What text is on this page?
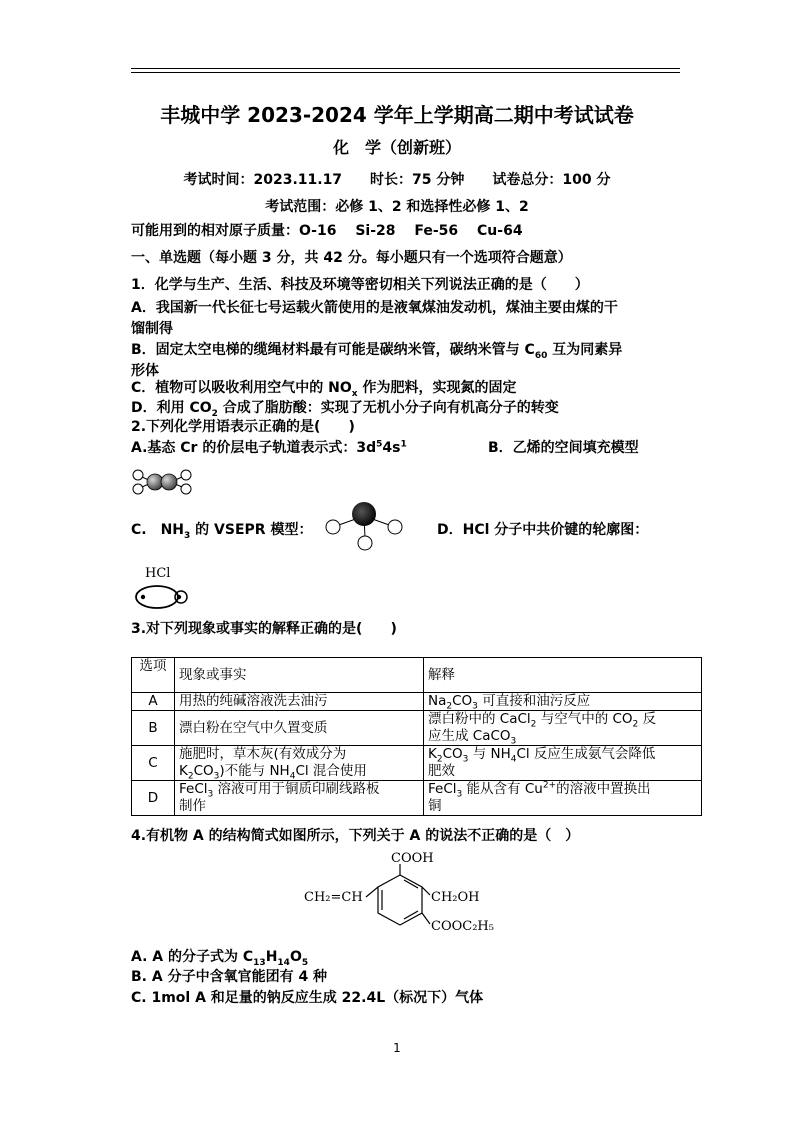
丰城中学 2023-2024 学年上学期高二期中考试试卷
化　学（创新班）
考试时间：2023.11.17　　时长：75 分钟　　试卷总分：100 分
考试范围：必修 1、2 和选择性必修 1、2
可能用到的相对原子质量：O-16　 Si-28　 Fe-56　 Cu-64
一、单选题（每小题 3 分，共 42 分。每小题只有一个选项符合题意）
1．化学与生产、生活、科技及环境等密切相关下列说法正确的是（　　）
A．我国新一代长征七号运载火箭使用的是液氧煤油发动机，煤油主要由煤的干
馏制得
B．固定太空电梯的缆绳材料最有可能是碳纳米管，碳纳米管与 $C_{60}$ 互为同素异
形体
C．植物可以吸收利用空气中的 $NO_x$ 作为肥料，实现氮的固定
D．利用 $CO_2$ 合成了脂肪酸：实现了无机小分子向有机高分子的转变
2.下列化学用语表示正确的是(　　)
A.基态 Cr 的价层电子轨道表示式：$3d^54s^1$	B．乙烯的空间填充模型
C.　$NH_3$ 的 VSEPR 模型：	D．HCl 分子中共价键的轮廓图：
HCl
3.对下列现象或事实的解释正确的是(　　)
选项	现象或事实	解释
A	用热的纯碱溶液洗去油污	$Na_2CO_3$ 可直接和油污反应
B	漂白粉在空气中久置变质	漂白粉中的 CaCl$_2$ 与空气中的 $CO_2$ 反
应生成 CaCO$_3$
C	施肥时，草木灰(有效成分为
$K_2CO_3$)不能与 $NH_4Cl$ 混合使用	$K_2CO_3$ 与 $NH_4Cl$ 反应生成氨气会降低
肥效
D	FeCl$_3$ 溶液可用于铜质印刷线路板
制作	FeCl$_3$ 能从含有 $Cu^{2+}$的溶液中置换出
铜
4.有机物 A 的结构简式如图所示，下列关于 A 的说法不正确的是（　）
COOH
CH₂=CH	CH₂OH
COOC₂H₅
A. A 的分子式为 $C_{13}H_{14}O_5$
B. A 分子中含氧官能团有 4 种
C. 1mol A 和足量的钠反应生成 22.4L（标况下）气体
1
